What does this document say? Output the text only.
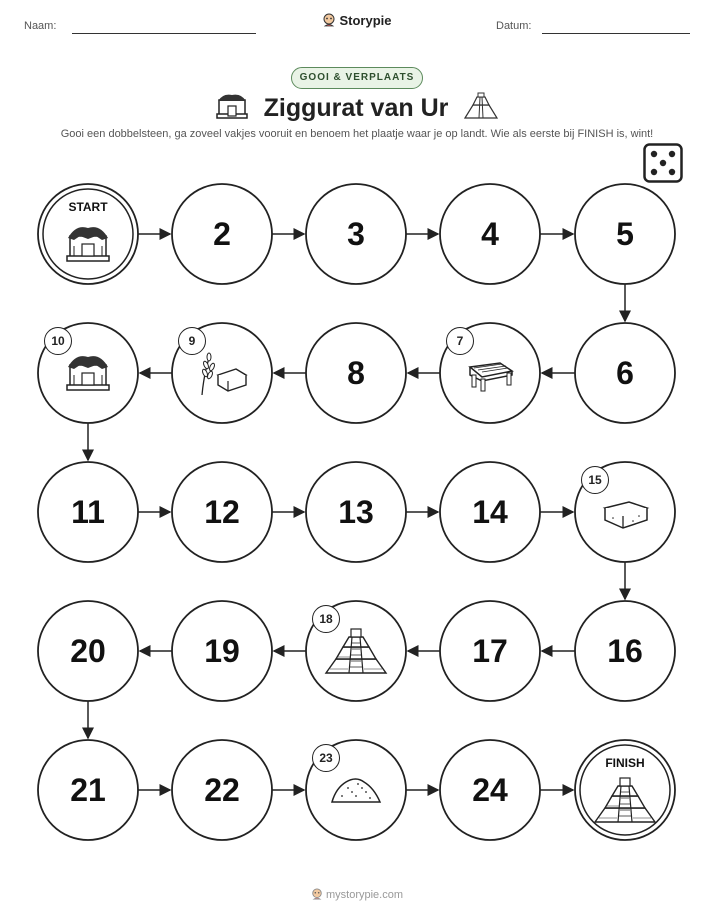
Naam:	Storypie	Datum:
GOOI & VERPLAATS
Ziggurat van Ur
Gooi een dobbelsteen, ga zoveel vakjes vooruit en benoem het plaatje waar je op landt. Wie als eerste bij FINISH is, wint!
START
2	3	4	5
6
7
8
9
10
11	12	13	14
15
16
17
18
19
20
21	22
23
24
FINISH
mystorypie.com
